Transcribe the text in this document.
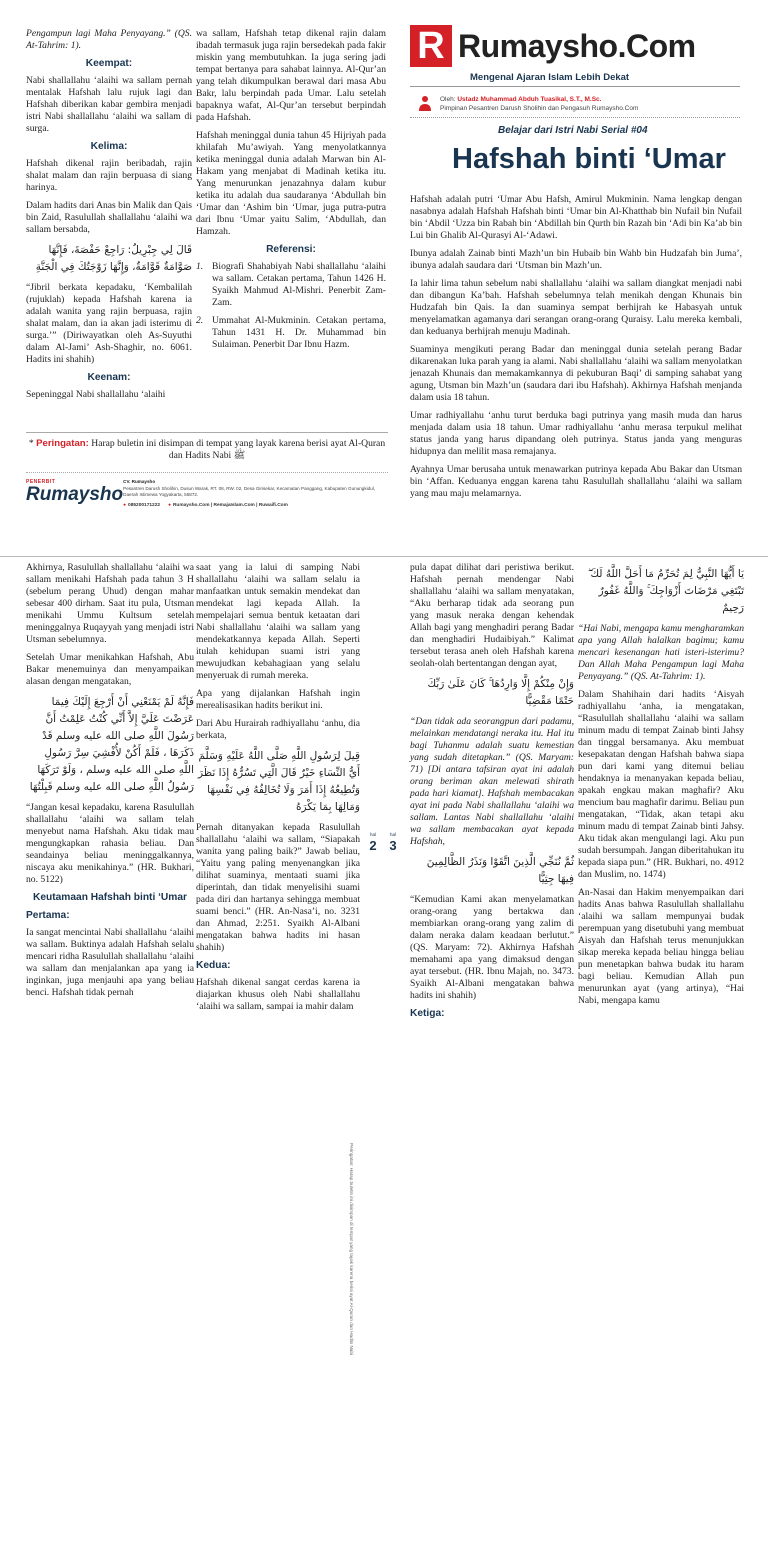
Pengampun lagi Maha Penyayang.” (QS. At-Tahrim: 1).

Keempat:

Nabi shallallahu ‘alaihi wa sallam pernah mentalak Hafshah lalu rujuk lagi dan Hafshah diberikan kabar gembira menjadi istri Nabi shallallahu ‘alaihi wa sallam di surga.

Kelima:

Hafshah dikenal rajin beribadah, rajin shalat malam dan rajin berpuasa di siang harinya.

Dalam hadits dari Anas bin Malik dan Qais bin Zaid, Rasulullah shallallahu ‘alaihi wa sallam bersabda,

قَالَ لِي جِبْرِيلُ: رَاجِعْ حَفْصَةَ، فَإِنَّهَا صَوَّامَةٌ قَوَّامَةٌ، وَإِنَّهَا زَوْجَتُكَ فِي الْجَنَّةِ

“Jibril berkata kepadaku, ‘Kembalilah (rujuklah) kepada Hafshah karena ia adalah wanita yang rajin berpuasa, rajin shalat malam, dan ia akan jadi isterimu di surga.’” (Diriwayatkan oleh As-Suyuthi dalam Al-Jami’ Ash-Shaghir, no. 6061. Hadits ini shahih)

Keenam:

Sepeninggal Nabi shallallahu ‘alaihi

wa sallam, Hafshah tetap dikenal rajin dalam ibadah termasuk juga rajin bersedekah pada fakir miskin yang membutuhkan. Ia juga sering jadi tempat bertanya para sahabat lainnya. Al-Qur’an yang telah dikumpulkan berawal dari masa Abu Bakr, lalu berpindah pada Umar. Lalu setelah bapaknya wafat, Al-Qur’an tersebut berpindah pada Hafshah.

Hafshah meninggal dunia tahun 45 Hijriyah pada khilafah Mu’awiyah. Yang menyolatkannya ketika meninggal dunia adalah Marwan bin Al-Hakam yang menjabat di Madinah ketika itu. Yang menurunkan jenazahnya dalam kubur ketika itu adalah dua saudaranya ‘Abdullah bin ‘Umar dan ‘Ashim bin ‘Umar, juga putra-putra dari Ibnu ‘Umar yaitu Salim, ‘Abdullah, dan Hamzah.

Referensi:
1. Biografi Shahabiyah Nabi shallallahu ‘alaihi wa sallam. Cetakan pertama, Tahun 1426 H. Syaikh Mahmud Al-Mishri. Penerbit Zam-Zam.
2. Ummahat Al-Mukminin. Cetakan pertama, Tahun 1431 H. Dr. Muhammad bin Sulaiman. Penerbit Dar Ibnu Hazm.
R Rumaysho.Com
Mengenal Ajaran Islam Lebih Dekat
Oleh: Ustadz Muhammad Abduh Tuasikal, S.T., M.Sc.
Pimpinan Pesantren Darush Sholihin dan Pengasuh Rumaysho.Com
Belajar dari Istri Nabi Serial #04
Hafshah binti ‘Umar

Hafshah adalah putri ‘Umar Abu Hafsh, Amirul Mukminin. Nama lengkap dengan nasabnya adalah Hafshah Hafshah binti ‘Umar bin Al-Khatthab bin Nufail bin Nufail bin ‘Abdil ‘Uzza bin Rabah bin ‘Abdillah bin Qurth bin Razah bin ‘Adi bin Ka’ab bin Lui bin Ghalib Al-Qurasyi Al-‘Adawi.

Ibunya adalah Zainab binti Mazh’un bin Hubaib bin Wahb bin Hudzafah bin Juma’, ibunya adalah saudara dari ‘Utsman bin Mazh’un.

Ia lahir lima tahun sebelum nabi shallallahu ‘alaihi wa sallam diangkat menjadi nabi dan dibangun Ka’bah. Hafshah sebelumnya telah menikah dengan Khunais bin Hudzafah bin Qais. Ia dan suaminya sempat berhijrah ke Habasyah untuk menyelamatkan agamanya dari serangan orang-orang Quraisy. Lalu mereka kembali, dan keduanya berhijrah menuju Madinah.

Suaminya mengikuti perang Badar dan meninggal dunia setelah perang Badar dikarenakan luka parah yang ia alami. Nabi shallallahu ‘alaihi wa sallam menyolatkan jenazah Khunais dan memakamkannya di pekuburan Baqi’ di samping sahabat yang agung, Utsman bin Mazh’un (saudara dari ibu Hafshah). Akhirnya Hafshah menjanda dalam usia 18 tahun.

Umar radhiyallahu ‘anhu turut berduka bagi putrinya yang masih muda dan harus menjada dalam usia 18 tahun. Umar radhiyallahu ‘anhu merasa terpukul melihat status janda yang harus dipandang oleh putrinya. Status janda yang menguras hidupnya dan melilit masa remajanya.

Ayahnya Umar berusaha untuk menawarkan putrinya kepada Abu Bakar dan Utsman bin ‘Affan. Keduanya enggan karena tahu Rasulullah shallallahu ‘alaihi wa sallam yang mau maju melamarnya.

* Peringatan: Harap buletin ini disimpan di tempat yang layak karena berisi ayat Al-Quran dan Hadits Nabi ﷺ
PENERBIT
Rumaysho
CV. Rumaysho
Pesantren Darush Sholihin, Dusun Warak, RT. 08, RW. 02, Desa Girisekar, Kecamatan Panggang, Kabupaten Gunungkidul, Daerah Istimewa Yogyakarta, 55872.
● 085200171222
●	Rumaysho.Com | RemajaIslam.Com | Ruwaifi.Com

Akhirnya, Rasulullah shallallahu ‘alaihi wa sallam menikahi Hafshah pada tahun 3 H (sebelum perang Uhud) dengan mahar sebesar 400 dirham. Saat itu pula, Utsman menikahi Ummu Kultsum setelah meninggalnya Ruqayyah yang menjadi istri Utsman sebelumnya.

Setelah Umar menikahkan Hafshah, Abu Bakar menemuinya dan menyampaikan alasan dengan mengatakan,

فَإِنَّهُ لَمْ يَمْنَعْنِي أَنْ أَرْجِعَ إِلَيْكَ فِيمَا عَرَضْتَ عَلَيَّ إِلاَّ أَنِّي كُنْتُ عَلِمْتُ أَنَّ رَسُولَ اللَّهِ صلى الله عليه وسلم قَدْ ذَكَرَهَا ، فَلَمْ أَكُنْ لأُفْشِيَ سِرَّ رَسُولِ اللَّهِ صلى الله عليه وسلم ، وَلَوْ تَرَكَهَا رَسُولُ اللَّهِ صلى الله عليه وسلم قَبِلْتُهَا

“Jangan kesal kepadaku, karena Rasulullah shallallahu ‘alaihi wa sallam telah menyebut nama Hafshah. Aku tidak mau mengungkapkan rahasia beliau. Dan seandainya beliau meninggalkannya, niscaya aku menikahinya.” (HR. Bukhari, no. 5122)

Keutamaan Hafshah binti ‘Umar
Pertama:

Ia sangat mencintai Nabi shallallahu ‘alaihi wa sallam. Buktinya adalah Hafshah selalu mencari ridha Rasulullah shallallahu ‘alaihi wa sallam dan menjalankan apa yang ia inginkan, juga menjauhi apa yang beliau benci. Hafshah tidak pernah

saat yang ia lalui di samping Nabi shallallahu ‘alaihi wa sallam selalu ia manfaatkan untuk semakin mendekat dan mendekat lagi kepada Allah. Ia mempelajari semua bentuk ketaatan dari Nabi shallallahu ‘alaihi wa sallam yang mendekatkannya kepada Allah. Seperti itulah kehidupan suami istri yang mewujudkan kebahagiaan yang selalu menyeruak di rumah mereka.

Apa yang dijalankan Hafshah ingin merealisasikan hadits berikut ini.

Dari Abu Hurairah radhiyallahu ‘anhu, dia berkata,

قِيلَ لِرَسُولِ اللَّهِ صَلَّى اللَّهُ عَلَيْهِ وَسَلَّمَ أَيُّ النِّسَاءِ خَيْرٌ قَالَ الَّتِي تَسُرُّهُ إِذَا نَظَرَ وَتُطِيعُهُ إِذَا أَمَرَ وَلَا تُخَالِفُهُ فِي نَفْسِهَا وَمَالِهَا بِمَا يَكْرَهُ

Pernah ditanyakan kepada Rasulullah shallallahu ‘alaihi wa sallam, “Siapakah wanita yang paling baik?” Jawab beliau, “Yaitu yang paling menyenangkan jika dilihat suaminya, mentaati suami jika diperintah, dan tidak menyelisihi suami pada diri dan hartanya sehingga membuat suami benci.” (HR. An-Nasa’i, no. 3231 dan Ahmad, 2:251. Syaikh Al-Albani mengatakan bahwa hadits ini hasan shahih)

Kedua:

Hafshah dikenal sangat cerdas karena ia diajarkan khusus oleh Nabi shallallahu ‘alaihi wa sallam, sampai ia mahir dalam

Peringatan: Harap buletin ini disimpan di tempat yang layak karena berisi ayat Al-Quran dan Hadits Nabi
hal
2
hal
3

pula dapat dilihat dari peristiwa berikut. Hafshah pernah mendengar Nabi shallallahu ‘alaihi wa sallam menyatakan, “Aku berharap tidak ada seorang pun yang masuk neraka dengan kehendak Allah bagi yang menghadiri perang Badar dan menghadiri Hudaibiyah.” Kalimat tersebut terasa aneh oleh Hafshah karena seolah-olah bertentangan dengan ayat,

وَإِنْ مِنْكُمْ إِلَّا وَارِدُهَا ۚ كَانَ عَلَىٰ رَبِّكَ حَتْمًا مَقْضِيًّا

“Dan tidak ada seorangpun dari padamu, melainkan mendatangi neraka itu. Hal itu bagi Tuhanmu adalah suatu kemestian yang sudah ditetapkan.” (QS. Maryam: 71) [Di antara tafsiran ayat ini adalah orang beriman akan melewati shirath pada hari kiamat]. Hafshah membacakan ayat ini pada Nabi shallallahu ‘alaihi wa sallam. Lantas Nabi shallallahu ‘alaihi wa sallam membacakan ayat kepada Hafshah,

ثُمَّ نُنَجِّي الَّذِينَ اتَّقَوْا وَنَذَرُ الظَّالِمِينَ فِيهَا جِثِيًّا

“Kemudian Kami akan menyelamatkan orang-orang yang bertakwa dan membiarkan orang-orang yang zalim di dalam neraka dalam keadaan berlutut.” (QS. Maryam: 72). Akhirnya Hafshah memahami apa yang dimaksud dengan ayat tersebut. (HR. Ibnu Majah, no. 3473. Syaikh Al-Albani mengatakan bahwa hadits ini shahih)

Ketiga:
يَا أَيُّهَا النَّبِيُّ لِمَ تُحَرِّمُ مَا أَحَلَّ اللَّهُ لَكَ ۖ تَبْتَغِي مَرْضَاتَ أَزْوَاجِكَ ۚ وَاللَّهُ غَفُورٌ رَحِيمٌ

“Hai Nabi, mengapa kamu mengharamkan apa yang Allah halalkan bagimu; kamu mencari kesenangan hati isteri-isterimu? Dan Allah Maha Pengampun lagi Maha Penyayang.” (QS. At-Tahrim: 1).

Dalam Shahihain dari hadits ‘Aisyah radhiyallahu ‘anha, ia mengatakan, “Rasulullah shallallahu ‘alaihi wa sallam minum madu di tempat Zainab binti Jahsy dan tinggal bersamanya. Aku membuat kesepakatan dengan Hafshah bahwa siapa pun dari kami yang ditemui beliau hendaknya ia menanyakan kepada beliau, apakah engkau makan maghafir? Aku mencium bau maghafir darimu. Beliau pun mengatakan, “Tidak, akan tetapi aku minum madu di tempat Zainab binti Jahsy. Aku tidak akan mengulangi lagi. Aku pun sudah bersumpah. Jangan diberitahukan itu kepada siapa pun.” (HR. Bukhari, no. 4912 dan Muslim, no. 1474)

An-Nasai dan Hakim menyempaikan dari hadits Anas bahwa Rasulullah shallallahu ‘alaihi wa sallam mempunyai budak perempuan yang disetubuhi yang membuat Aisyah dan Hafshah terus menunjukkan sikap mereka kepada beliau hingga beliau pun menetapkan bahwa budak itu haram bagi beliau. Kemudian Allah pun menurunkan ayat (yang artinya), “Hai Nabi, mengapa kamu
